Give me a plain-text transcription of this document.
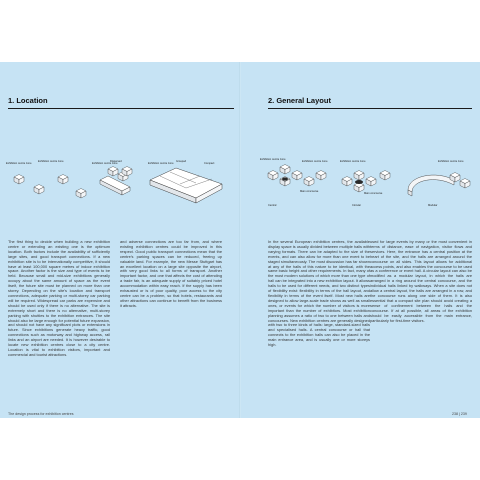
1. Location
Exhibition centre zone
Exhibition centre zone
Exhibition centre zone	Exhibition centre zone
Dispersed	Grouped
Compact

The first thing to decide when building a new exhibition centre or extending an existing one is the optimum location. Both factors include the availability of sufficiently large sites, and good transport connections. If a new exhibition site is to be internationally competitive, it should have at least 100,000 square metres of indoor exhibition space. Another factor is the size and type of events to be held. Because small and mid-size exhibitions generally occupy about the same amount of space as the event itself, the future site must be planned on more than one storey. Depending on the site's location and transport connections, adequate parking or multi-storey car parking will be required. Widespread car parks are expensive and should be used only if there is no alternative. The site is extremely short and there is no alternative, multi-storey parking with shuttles to the exhibition entrances. The site should also be large enough for potential future expansion, and should not have any significant plots or extensions in future. Since exhibitions generate heavy traffic, good connections such as motorway and highway access, rail links and an airport are needed. It is however desirable to locate new exhibition centres close to a city centre. Location is vital to exhibition visitors, important and commercial and tourist attractions.

and adverse connections are too far from, and where existing exhibition centres could be improved in this respect. Good public transport connections mean that the centre's parking spaces can be reduced, freeing up valuable land. For example, the new Messe Stuttgart has an excellent location on a large site opposite the airport, with very good links to all forms of transport. Another important factor, and one that affects the cost of attending a trade fair, is an adequate supply of suitably priced hotel accommodation within easy reach. If the supply has been exhausted or is of poor quality, poor access to the city centre can be a problem, so that hotels, restaurants and other attractions can continue to benefit from the business it attracts.

The design process for exhibition centres
2. General Layout
Exhibition centre zone
Exhibition centre zone
Main concourse
Exhibition centre zone
Main concourse
Exhibition centre zone
Central	Circular	Modular

In the several European exhibition centres, the available display space is usually divided between multiple halls with varying formats. There can be adapted to the size of the events, and can also allow for more than one event to be staged simultaneously. The most discussion has far shown at any of the halls of this nature to be identical, with the same basic height and other requirements. In fact, many of the most modern solutions of which more than one type of hall can be integrated into a new exhibition layout. It allows halls to be used for different needs, and two distinct types of flexibility exist: flexibility in terms of the hall layout, and flexibility in terms of the event itself. Most new halls are designed to allow large-scale trade shows as well as small ones, or events for which the number of visitors is more important than the number of exhibitors. Most exhibition planning assumes a ratio of two to one between halls and concourses. New exhibition centres are generally designed with two to three kinds of halls: large, standard-sized halls and specialised halls. A central concourse or hall that connects to the exhibition halls can also be placed in the main entrance area, and is usually one or more storeys high.

used for large events by many or the most convenient in terms of distance, ease of navigation, visitor flows and services. Here, the entrance has a central position at the heart of the site, and the halls are arranged around the concourse on all sides. This layout allows for additional access points, and also enables the concourse to be used as a conference or event hall. A circular layout can also be modified as a modular layout, in which the halls are arranged in a ring around the central concourse, and the individual halls linked by walkways. When a site does not allow a central layout, the halls are arranged in a row, and the concourse runs along one side of them. It is also essential that a compact site plan should avoid creating a sense of confinement between the halls and the concourse. If at all possible, all areas of the exhibition should be easily accessible from the main entrance, particularly for first-time visitors.

238 | 239
